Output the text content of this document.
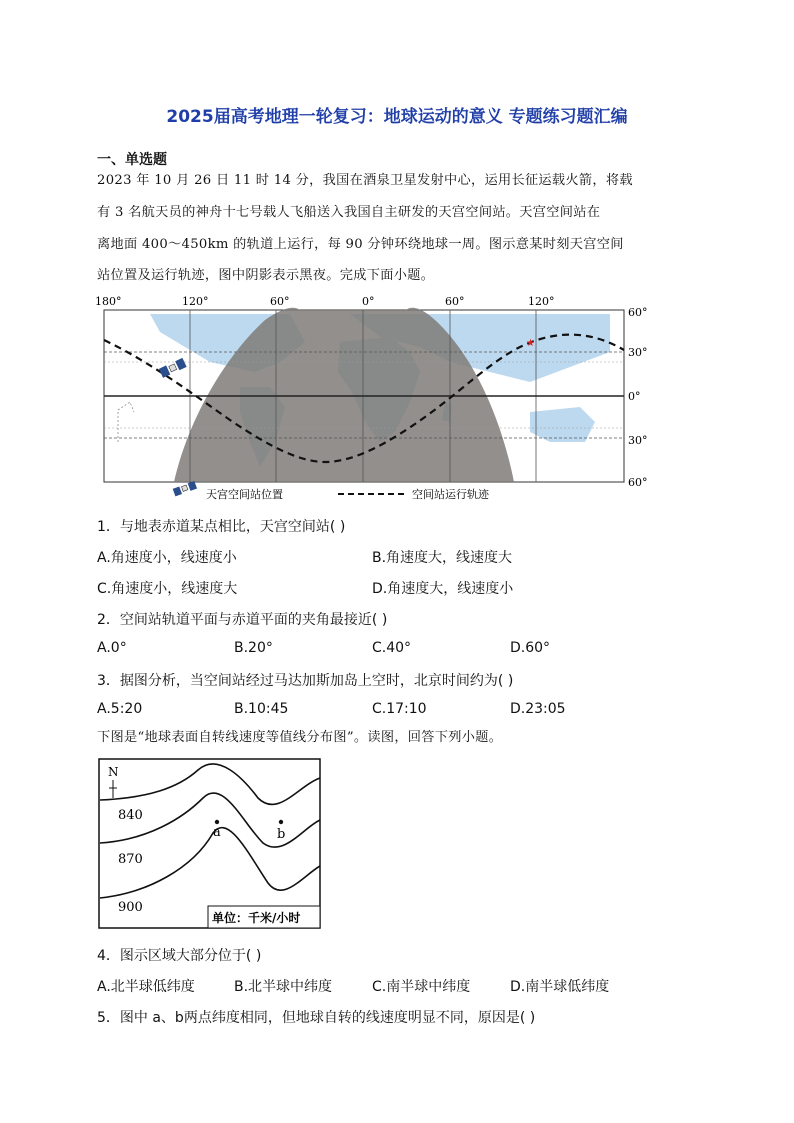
2025届高考地理一轮复习：地球运动的意义 专题练习题汇编
一、单选题
2023 年 10 月 26 日 11 时 14 分，我国在酒泉卫星发射中心，运用长征运载火箭，将载
有 3 名航天员的神舟十七号载人飞船送入我国自主研发的天宫空间站。天宫空间站在
离地面 400～450km 的轨道上运行，每 90 分钟环绕地球一周。图示意某时刻天宫空间
站位置及运行轨迹，图中阴影表示黑夜。完成下面小题。
180°	120°	60°	0°	60°	120°
60°
30°
0°
30°
60°
★
天宫空间站位置	空间站运行轨迹
1．与地表赤道某点相比，天宫空间站( )
A.角速度小，线速度小	B.角速度大，线速度大
C.角速度小，线速度大	D.角速度大，线速度小
2．空间站轨道平面与赤道平面的夹角最接近( )
A.0°	B.20°	C.40°	D.60°
3．据图分析，当空间站经过马达加斯加岛上空时，北京时间约为( )
A.5:20	B.10:45	C.17:10	D.23:05
下图是“地球表面自转线速度等值线分布图”。读图，回答下列小题。
N
840
870
900
a	b
单位：千米/小时
4．图示区域大部分位于( )
A.北半球低纬度	B.北半球中纬度	C.南半球中纬度	D.南半球低纬度
5．图中 a、b两点纬度相同，但地球自转的线速度明显不同，原因是( )
